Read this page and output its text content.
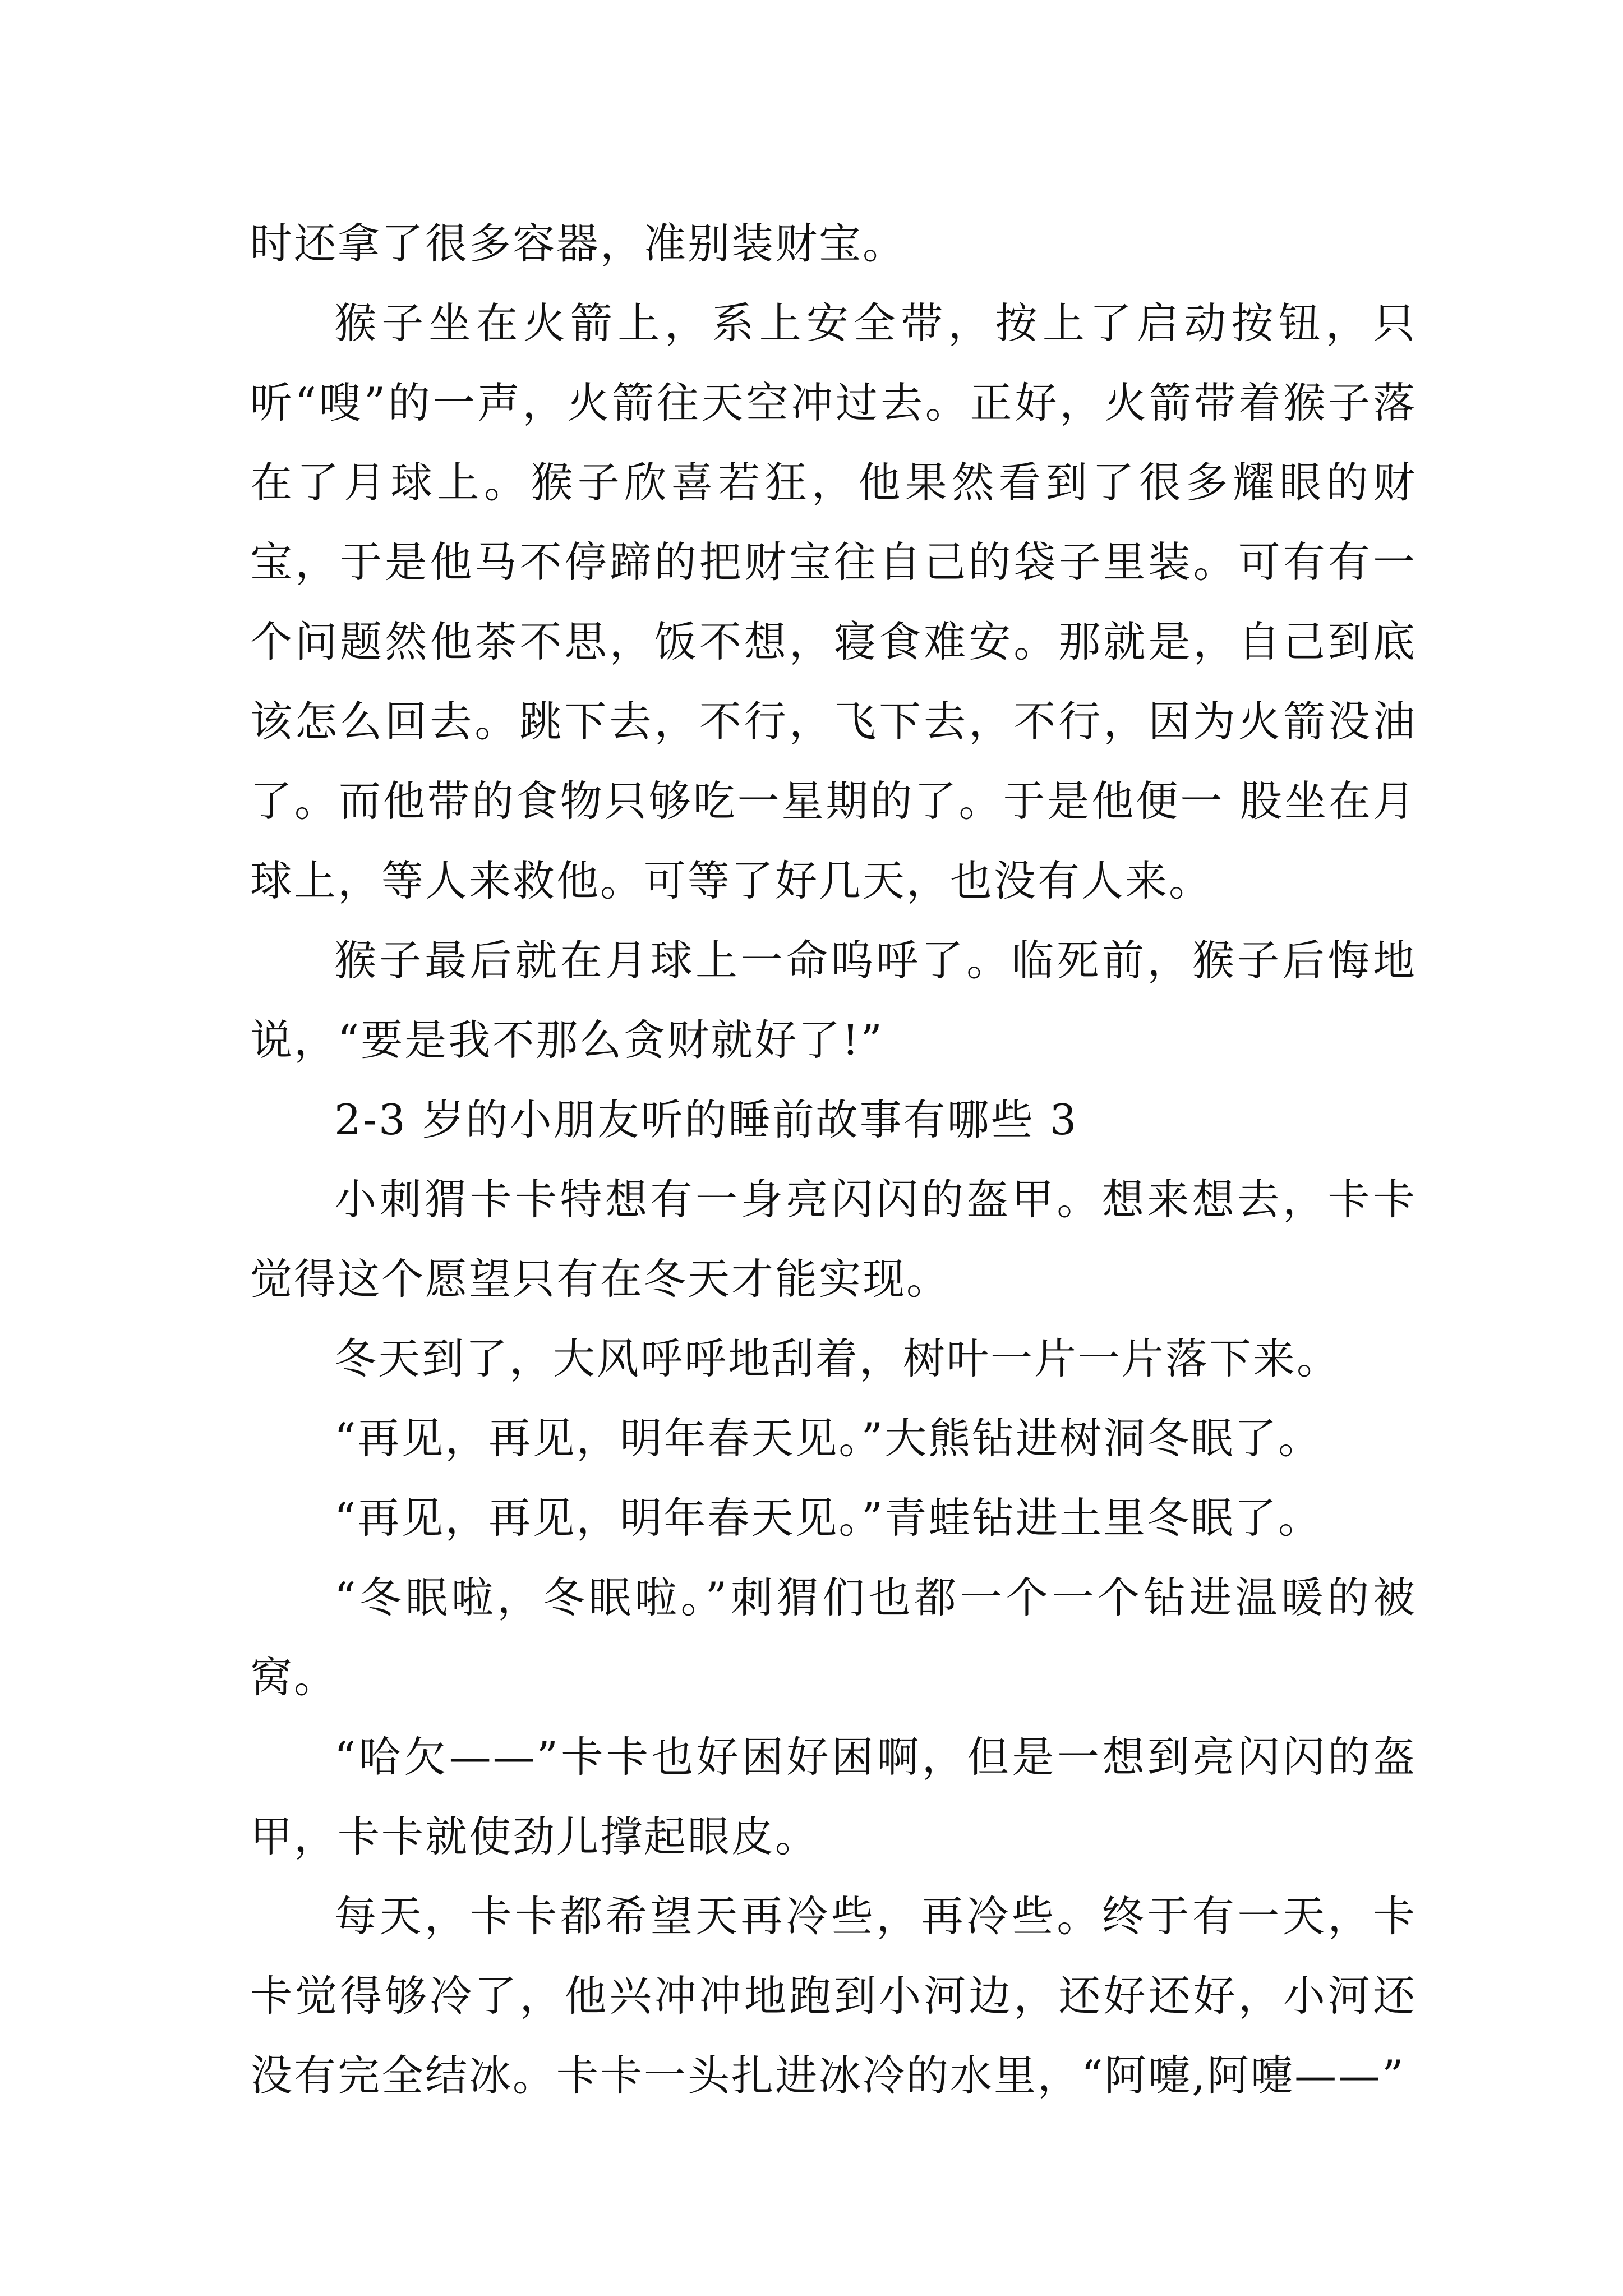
时还拿了很多容器，准别装财宝。

猴子坐在火箭上，系上安全带，按上了启动按钮，只听“嗖”的一声，火箭往天空冲过去。正好，火箭带着猴子落在了月球上。猴子欣喜若狂，他果然看到了很多耀眼的财宝，于是他马不停蹄的把财宝往自己的袋子里装。可有有一个问题然他茶不思，饭不想，寝食难安。那就是，自己到底该怎么回去。跳下去，不行，飞下去，不行，因为火箭没油了。而他带的食物只够吃一星期的了。于是他便一 股坐在月球上，等人来救他。可等了好几天，也没有人来。

猴子最后就在月球上一命呜呼了。临死前，猴子后悔地说，“要是我不那么贪财就好了!”

2-3 岁的小朋友听的睡前故事有哪些 3

小刺猬卡卡特想有一身亮闪闪的盔甲。想来想去，卡卡觉得这个愿望只有在冬天才能实现。

冬天到了，大风呼呼地刮着，树叶一片一片落下来。

“再见，再见，明年春天见。”大熊钻进树洞冬眠了。

“再见，再见，明年春天见。”青蛙钻进土里冬眠了。

“冬眠啦，冬眠啦。”刺猬们也都一个一个钻进温暖的被窝。

“哈欠——”卡卡也好困好困啊，但是一想到亮闪闪的盔甲，卡卡就使劲儿撑起眼皮。

每天，卡卡都希望天再冷些，再冷些。终于有一天，卡卡觉得够冷了，他兴冲冲地跑到小河边，还好还好，小河还没有完全结冰。卡卡一头扎进冰冷的水里，“阿嚏,阿嚏——”
